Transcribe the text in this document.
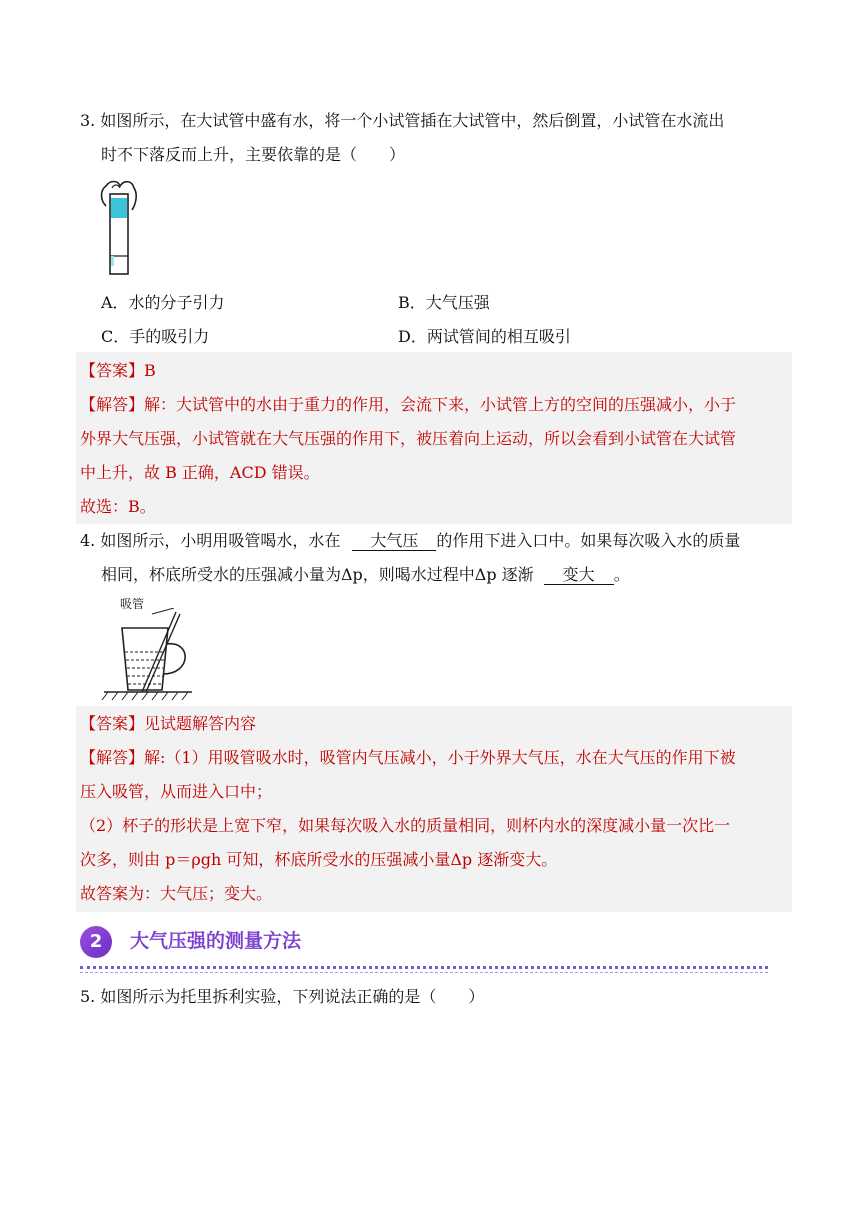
3. 如图所示，在大试管中盛有水，将一个小试管插在大试管中，然后倒置，小试管在水流出
时不下落反而上升，主要依靠的是（　　）
A．水的分子引力	B．大气压强
C．手的吸引力	D．两试管间的相互吸引
【答案】B
【解答】解：大试管中的水由于重力的作用，会流下来，小试管上方的空间的压强减小，小于
外界大气压强，小试管就在大气压强的作用下，被压着向上运动，所以会看到小试管在大试管
中上升，故 B 正确，ACD 错误。
故选：B。
4. 如图所示，小明用吸管喝水，水在 大气压 的作用下进入口中。如果每次吸入水的质量
相同，杯底所受水的压强减小量为Δp，则喝水过程中Δp 逐渐 变大 。
吸管
【答案】见试题解答内容
【解答】解:（1）用吸管吸水时，吸管内气压减小，小于外界大气压，水在大气压的作用下被
压入吸管，从而进入口中；
（2）杯子的形状是上宽下窄，如果每次吸入水的质量相同，则杯内水的深度减小量一次比一
次多，则由 p＝ρgh 可知，杯底所受水的压强减小量Δp 逐渐变大。
故答案为：大气压；变大。
2	大气压强的测量方法
5. 如图所示为托里拆利实验，下列说法正确的是（　　）
